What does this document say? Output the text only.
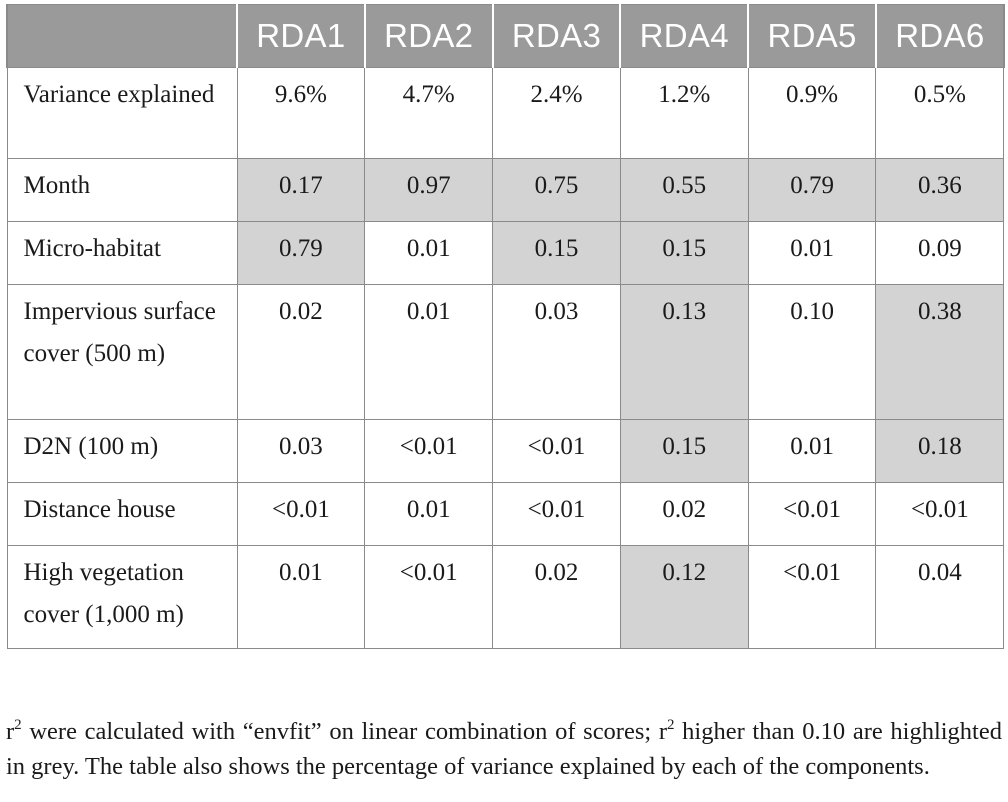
	RDA1	RDA2	RDA3	RDA4	RDA5	RDA6
Variance explained	9.6%	4.7%	2.4%	1.2%	0.9%	0.5%
Month	0.17	0.97	0.75	0.55	0.79	0.36
Micro-habitat	0.79	0.01	0.15	0.15	0.01	0.09
Impervious surface cover (500 m)	0.02	0.01	0.03	0.13	0.10	0.38
D2N (100 m)	0.03	<0.01	<0.01	0.15	0.01	0.18
Distance house	<0.01	0.01	<0.01	0.02	<0.01	<0.01
High vegetation cover (1,000 m)	0.01	<0.01	0.02	0.12	<0.01	0.04

$r^2$ were calculated with “envfit” on linear combination of scores; $r^2$ higher than 0.10 are highlighted in grey. The table also shows the percentage of variance explained by each of the components.
